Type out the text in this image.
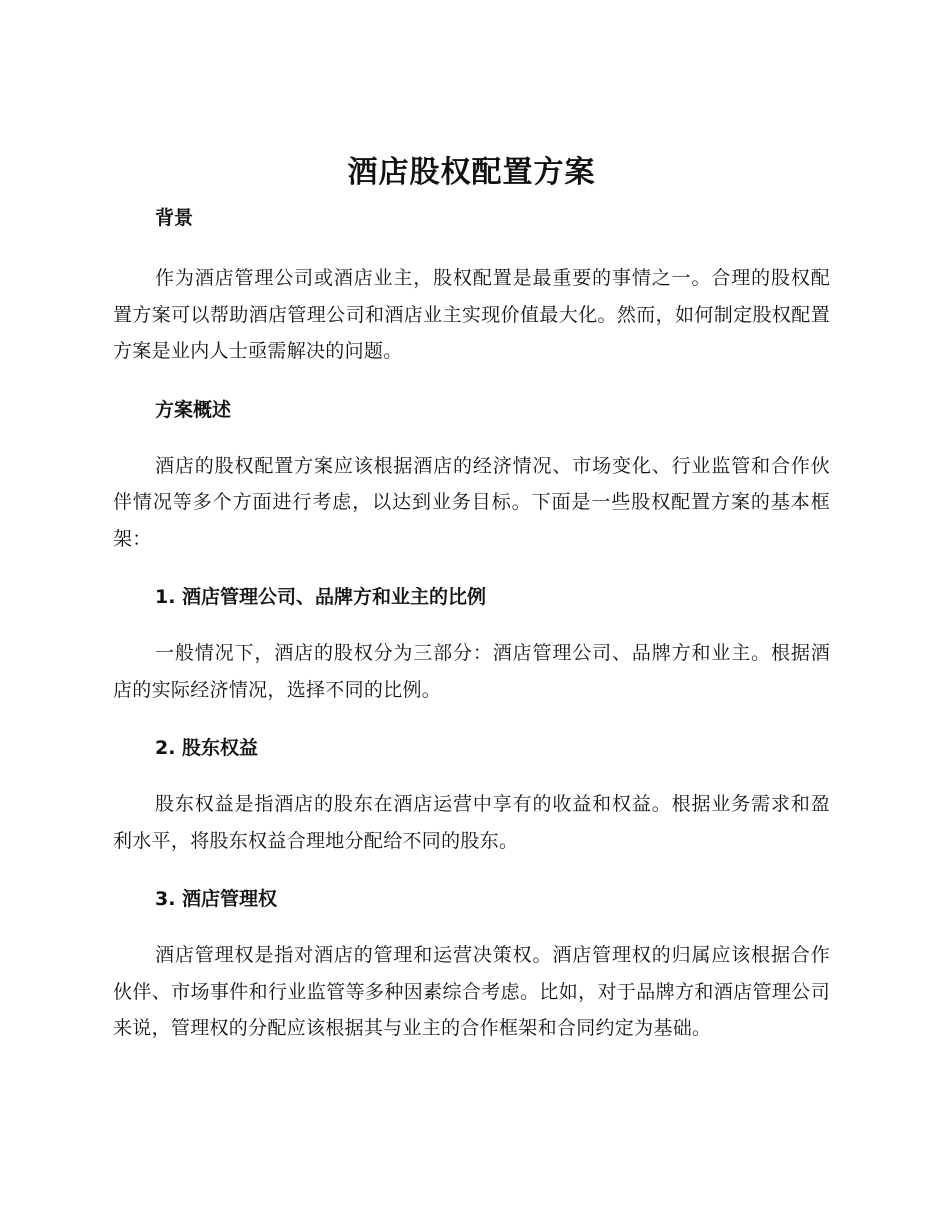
酒店股权配置方案
背景

作为酒店管理公司或酒店业主，股权配置是最重要的事情之一。合理的股权配置方案可以帮助酒店管理公司和酒店业主实现价值最大化。然而，如何制定股权配置方案是业内人士亟需解决的问题。

方案概述

酒店的股权配置方案应该根据酒店的经济情况、市场变化、行业监管和合作伙伴情况等多个方面进行考虑，以达到业务目标。下面是一些股权配置方案的基本框架：

1. 酒店管理公司、品牌方和业主的比例

一般情况下，酒店的股权分为三部分：酒店管理公司、品牌方和业主。根据酒店的实际经济情况，选择不同的比例。

2. 股东权益

股东权益是指酒店的股东在酒店运营中享有的收益和权益。根据业务需求和盈利水平，将股东权益合理地分配给不同的股东。

3. 酒店管理权

酒店管理权是指对酒店的管理和运营决策权。酒店管理权的归属应该根据合作伙伴、市场事件和行业监管等多种因素综合考虑。比如，对于品牌方和酒店管理公司来说，管理权的分配应该根据其与业主的合作框架和合同约定为基础。
